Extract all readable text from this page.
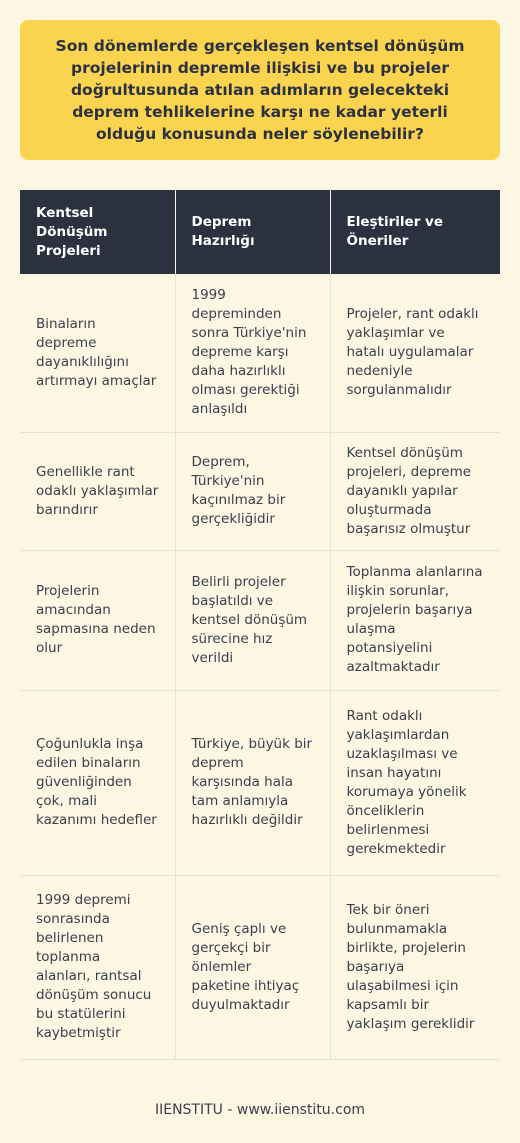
Son dönemlerde gerçekleşen kentsel dönüşüm projelerinin depremle ilişkisi ve bu projeler doğrultusunda atılan adımların gelecekteki deprem tehlikelerine karşı ne kadar yeterli olduğu konusunda neler söylenebilir?
Kentsel Dönüşüm Projeleri	Deprem Hazırlığı	Eleştiriler ve Öneriler
Binaların depreme dayanıklılığını artırmayı amaçlar	1999 depreminden sonra Türkiye'nin depreme karşı daha hazırlıklı olması gerektiği anlaşıldı	Projeler, rant odaklı yaklaşımlar ve hatalı uygulamalar nedeniyle sorgulanmalıdır
Genellikle rant odaklı yaklaşımlar barındırır	Deprem, Türkiye'nin kaçınılmaz bir gerçekliğidir	Kentsel dönüşüm projeleri, depreme dayanıklı yapılar oluşturmada başarısız olmuştur
Projelerin amacından sapmasına neden olur	Belirli projeler başlatıldı ve kentsel dönüşüm sürecine hız verildi	Toplanma alanlarına ilişkin sorunlar, projelerin başarıya ulaşma potansiyelini azaltmaktadır
Çoğunlukla inşa edilen binaların güvenliğinden çok, mali kazanımı hedefler	Türkiye, büyük bir deprem karşısında hala tam anlamıyla hazırlıklı değildir	Rant odaklı yaklaşımlardan uzaklaşılması ve insan hayatını korumaya yönelik önceliklerin belirlenmesi gerekmektedir
1999 depremi sonrasında belirlenen toplanma alanları, rantsal dönüşüm sonucu bu statülerini kaybetmiştir	Geniş çaplı ve gerçekçi bir önlemler paketine ihtiyaç duyulmaktadır	Tek bir öneri bulunmamakla birlikte, projelerin başarıya ulaşabilmesi için kapsamlı bir yaklaşım gereklidir
IIENSTITU - www.iienstitu.com
